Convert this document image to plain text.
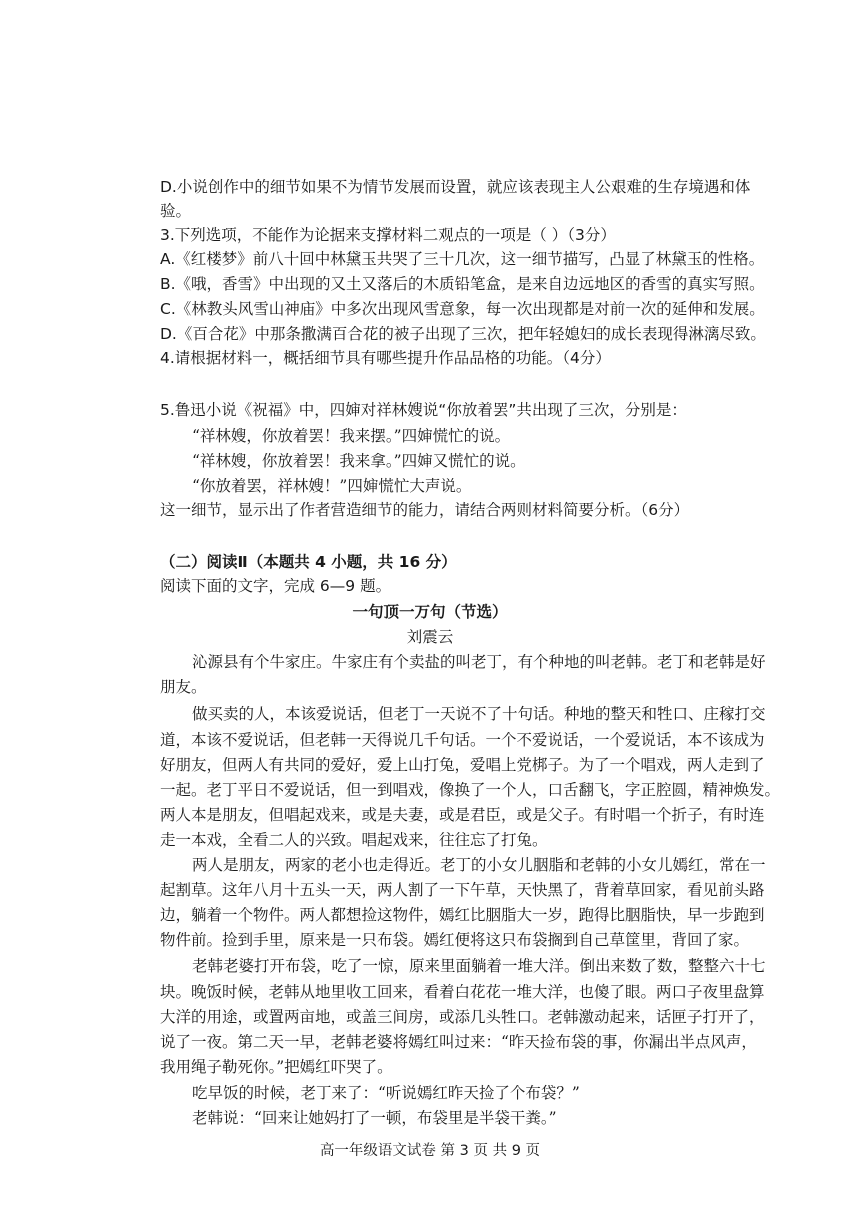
D.小说创作中的细节如果不为情节发展而设置，就应该表现主人公艰难的生存境遇和体
验。
3.下列选项，不能作为论据来支撑材料二观点的一项是（ ）（3分）
A.《红楼梦》前八十回中林黛玉共哭了三十几次，这一细节描写，凸显了林黛玉的性格。
B.《哦，香雪》中出现的又土又落后的木质铅笔盒，是来自边远地区的香雪的真实写照。
C.《林教头风雪山神庙》中多次出现风雪意象，每一次出现都是对前一次的延伸和发展。
D.《百合花》中那条撒满百合花的被子出现了三次，把年轻媳妇的成长表现得淋漓尽致。
4.请根据材料一，概括细节具有哪些提升作品品格的功能。（4分）
5.鲁迅小说《祝福》中，四婶对祥林嫂说“你放着罢”共出现了三次，分别是：
“祥林嫂，你放着罢！我来摆。”四婶慌忙的说。
“祥林嫂，你放着罢！我来拿。”四婶又慌忙的说。
“你放着罢，祥林嫂！”四婶慌忙大声说。
这一细节，显示出了作者营造细节的能力，请结合两则材料简要分析。（6分）
（二）阅读Ⅱ（本题共 4 小题，共 16 分）
阅读下面的文字，完成 6—9 题。
一句顶一万句（节选）
刘震云
沁源县有个牛家庄。牛家庄有个卖盐的叫老丁，有个种地的叫老韩。老丁和老韩是好
朋友。
做买卖的人，本该爱说话，但老丁一天说不了十句话。种地的整天和牲口、庄稼打交
道，本该不爱说话，但老韩一天得说几千句话。一个不爱说话，一个爱说话，本不该成为
好朋友，但两人有共同的爱好，爱上山打兔，爱唱上党梆子。为了一个唱戏，两人走到了
一起。老丁平日不爱说话，但一到唱戏，像换了一个人，口舌翻飞，字正腔圆，精神焕发。
两人本是朋友，但唱起戏来，或是夫妻，或是君臣，或是父子。有时唱一个折子，有时连
走一本戏，全看二人的兴致。唱起戏来，往往忘了打兔。
两人是朋友，两家的老小也走得近。老丁的小女儿胭脂和老韩的小女儿嫣红，常在一
起割草。这年八月十五头一天，两人割了一下午草，天快黑了，背着草回家，看见前头路
边，躺着一个物件。两人都想捡这物件，嫣红比胭脂大一岁，跑得比胭脂快，早一步跑到
物件前。捡到手里，原来是一只布袋。嫣红便将这只布袋搁到自己草筐里，背回了家。
老韩老婆打开布袋，吃了一惊，原来里面躺着一堆大洋。倒出来数了数，整整六十七
块。晚饭时候，老韩从地里收工回来，看着白花花一堆大洋，也傻了眼。两口子夜里盘算
大洋的用途，或置两亩地，或盖三间房，或添几头牲口。老韩激动起来，话匣子打开了，
说了一夜。第二天一早，老韩老婆将嫣红叫过来：“昨天捡布袋的事，你漏出半点风声，
我用绳子勒死你。”把嫣红吓哭了。
吃早饭的时候，老丁来了：“听说嫣红昨天捡了个布袋？”
老韩说：“回来让她妈打了一顿，布袋里是半袋干粪。”
高一年级语文试卷 第 3 页 共 9 页
